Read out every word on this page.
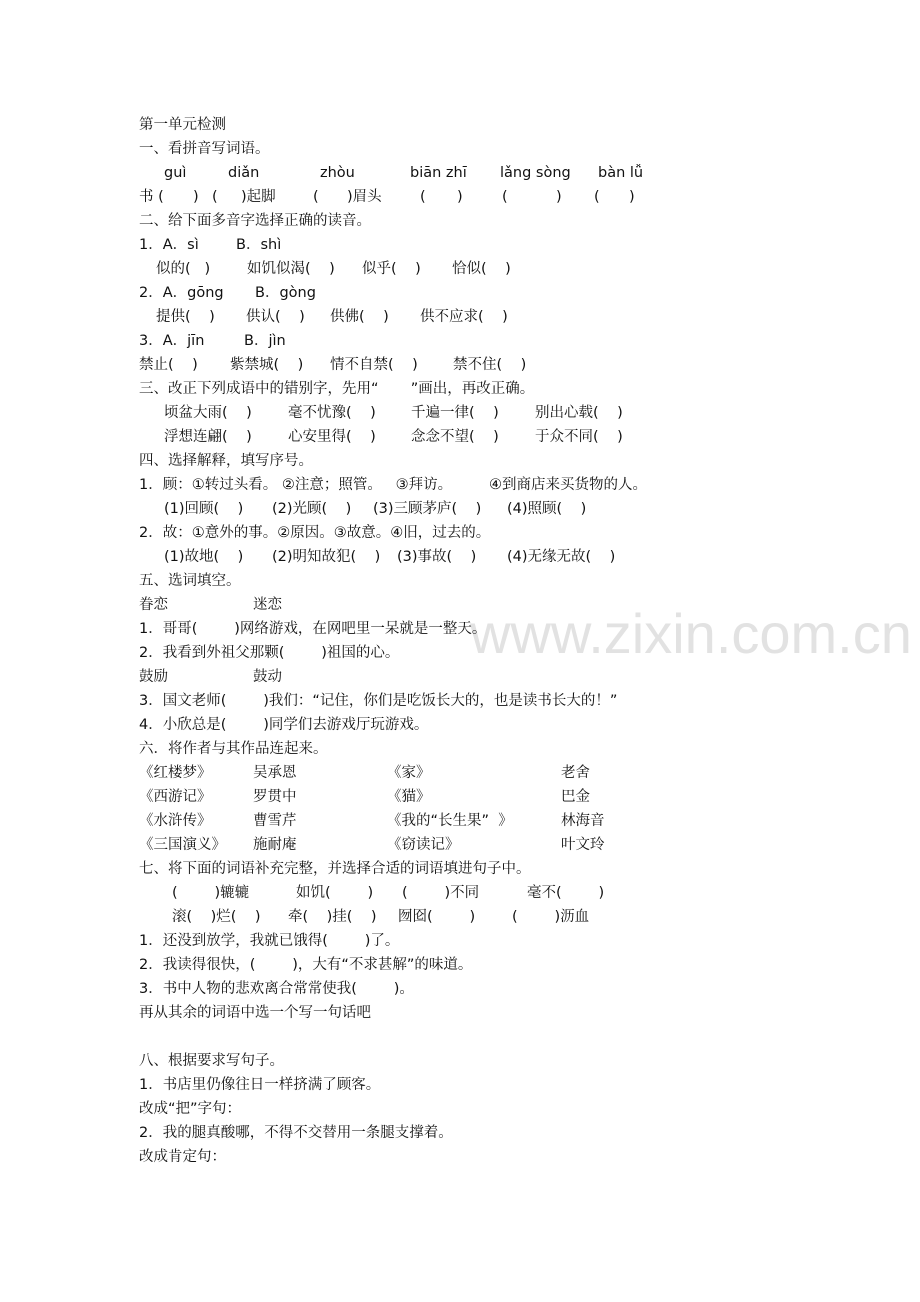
www.zixin.com.cn
第一单元检测
一、看拼音写词语。
guì	diǎn	zhòu	biān zhī lǎng sòng bàn lǚ
书 ( ) ( )起脚	( )眉头	( )	(	) ( )
二、给下面多音字选择正确的读音。
1．A．sì	B．shì
似的(   )	如饥似渴(    ) 似乎(    ) 恰似(    )
2．A．gōng B．gòng
提供(    ) 供认(    ) 供佛(    ) 供不应求(    )
3．A．jīn	B．jìn
禁止(    ) 紫禁城(    ) 情不自禁(    ) 禁不住(    )
三、改正下列成语中的错别字，先用“       ”画出，再改正确。
顷盆大雨(    ) 毫不忧豫(    ) 千遍一律(    ) 别出心载(    )
浮想连翩(    ) 心安里得(    ) 念念不望(    ) 于众不同(    )
四、选择解释，填写序号。
1．顾：①转过头看。 ②注意；照管。   ③拜访。        ④到商店来买货物的人。
(1)回顾(    ) (2)光顾(    ) (3)三顾茅庐(    ) (4)照顾(    )
2．故：①意外的事。②原因。③故意。④旧，过去的。
(1)故地(    ) (2)明知故犯(    ) (3)事故(    ) (4)无缘无故(    )
五、选词填空。
眷恋	迷恋
1．哥哥(        )网络游戏，在网吧里一呆就是一整天。
2．我看到外祖父那颗(        )祖国的心。
鼓励	鼓动
3．国文老师(        )我们：“记住，你们是吃饭长大的，也是读书长大的！”
4．小欣总是(        )同学们去游戏厅玩游戏。
六．将作者与其作品连起来。
《红楼梦》	吴承恩	《家》	老舍
《西游记》	罗贯中	《猫》	巴金
《水浒传》	曹雪芹	《我的“长生果”  》	林海音
《三国演义》 施耐庵	《窃读记》	叶文玲
七、将下面的词语补充完整，并选择合适的词语填进句子中。
(        )辘辘	如饥(        ) (        )不同	毫不(        )
滚(    )烂(    ) 牵(    )挂(    ) 囫囵(        )	(        )沥血
1．还没到放学，我就已饿得(        )了。
2．我读得很快，(        )，大有“不求甚解”的味道。
3．书中人物的悲欢离合常常使我(        )。
再从其余的词语中选一个写一句话吧
八、根据要求写句子。
1．书店里仍像往日一样挤满了顾客。
改成“把”字句：
2．我的腿真酸哪，不得不交替用一条腿支撑着。
改成肯定句：
